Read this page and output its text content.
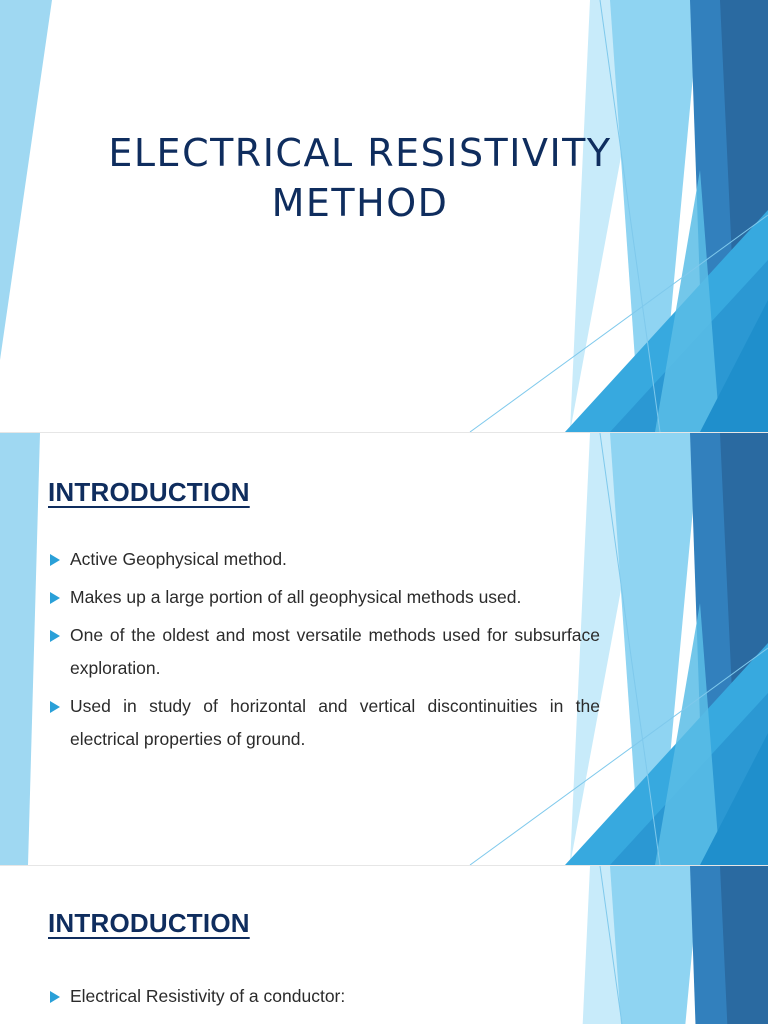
ELECTRICAL RESISTIVITY
METHOD
INTRODUCTION
Active Geophysical method.
Makes up a large portion of all geophysical methods used.
One of the oldest and most versatile methods used for subsurface exploration.
Used in study of horizontal and vertical discontinuities in the electrical properties of ground.
INTRODUCTION
Electrical Resistivity of a conductor:
